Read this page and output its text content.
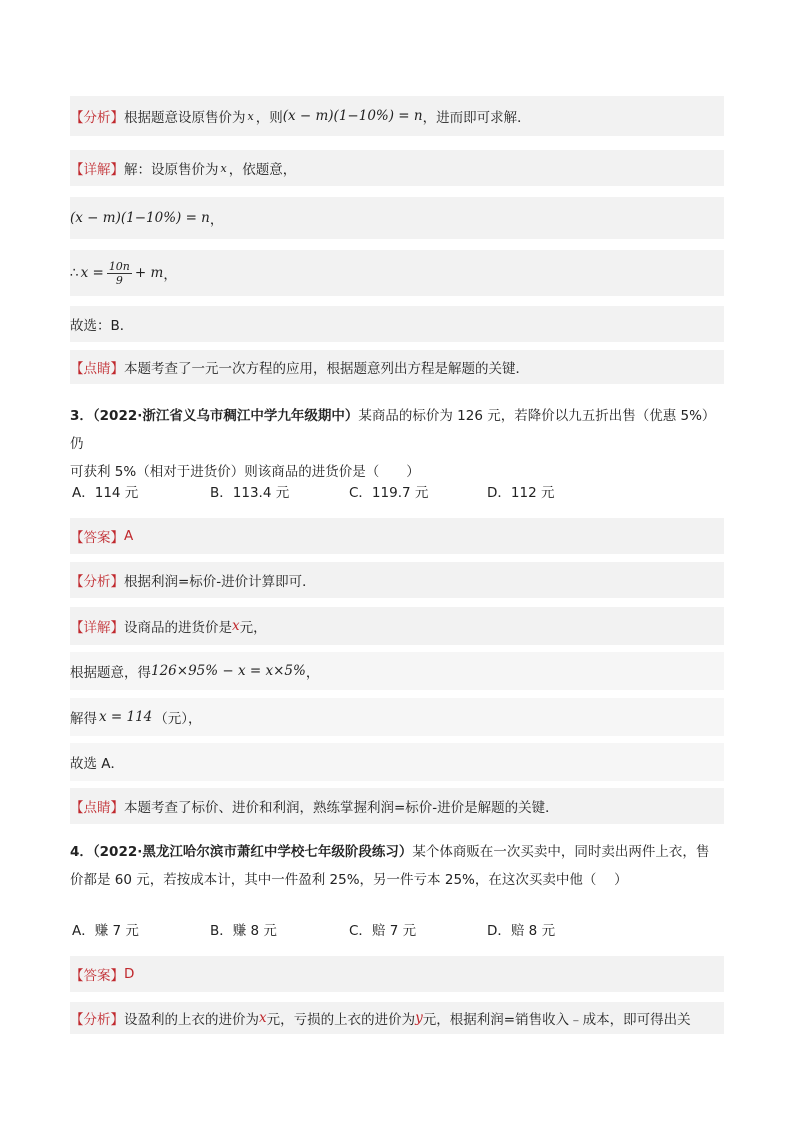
【分析】 根据题意设原售价为 x ，则 (x − m)(1−10%) = n ，进而即可求解．
【详解】 解：设原售价为 x ，依题意，
(x − m)(1−10%) = n ，
∴ $x = \frac{10n}{9} + m$ ，
故选：B．
【点睛】 本题考查了一元一次方程的应用，根据题意列出方程是解题的关键．
3．（2022·浙江省义乌市稠江中学九年级期中）某商品的标价为 126 元，若降价以九五折出售（优惠 5%）仍
可获利 5%（相对于进货价）则该商品的进货价是（　　）
A．114 元	B．113.4 元	C．119.7 元	D．112 元
【答案】 A
【分析】 根据利润=标价-进价计算即可．
【详解】 设商品的进货价是 x 元，
根据题意，得 126×95% − x = x×5% ，
解得 x = 114 （元），
故选 A．
【点睛】 本题考查了标价、进价和利润，熟练掌握利润=标价-进价是解题的关键．
4．（2022·黑龙江哈尔滨市萧红中学校七年级阶段练习）某个体商贩在一次买卖中，同时卖出两件上衣，售
价都是 60 元，若按成本计，其中一件盈利 25%，另一件亏本 25%，在这次买卖中他（　 ）
A．赚 7 元	B．赚 8 元	C．赔 7 元	D．赔 8 元
【答案】 D
【分析】 设盈利的上衣的进价为 x 元，亏损的上衣的进价为 y 元，根据利润=销售收入﹣成本，即可得出关
